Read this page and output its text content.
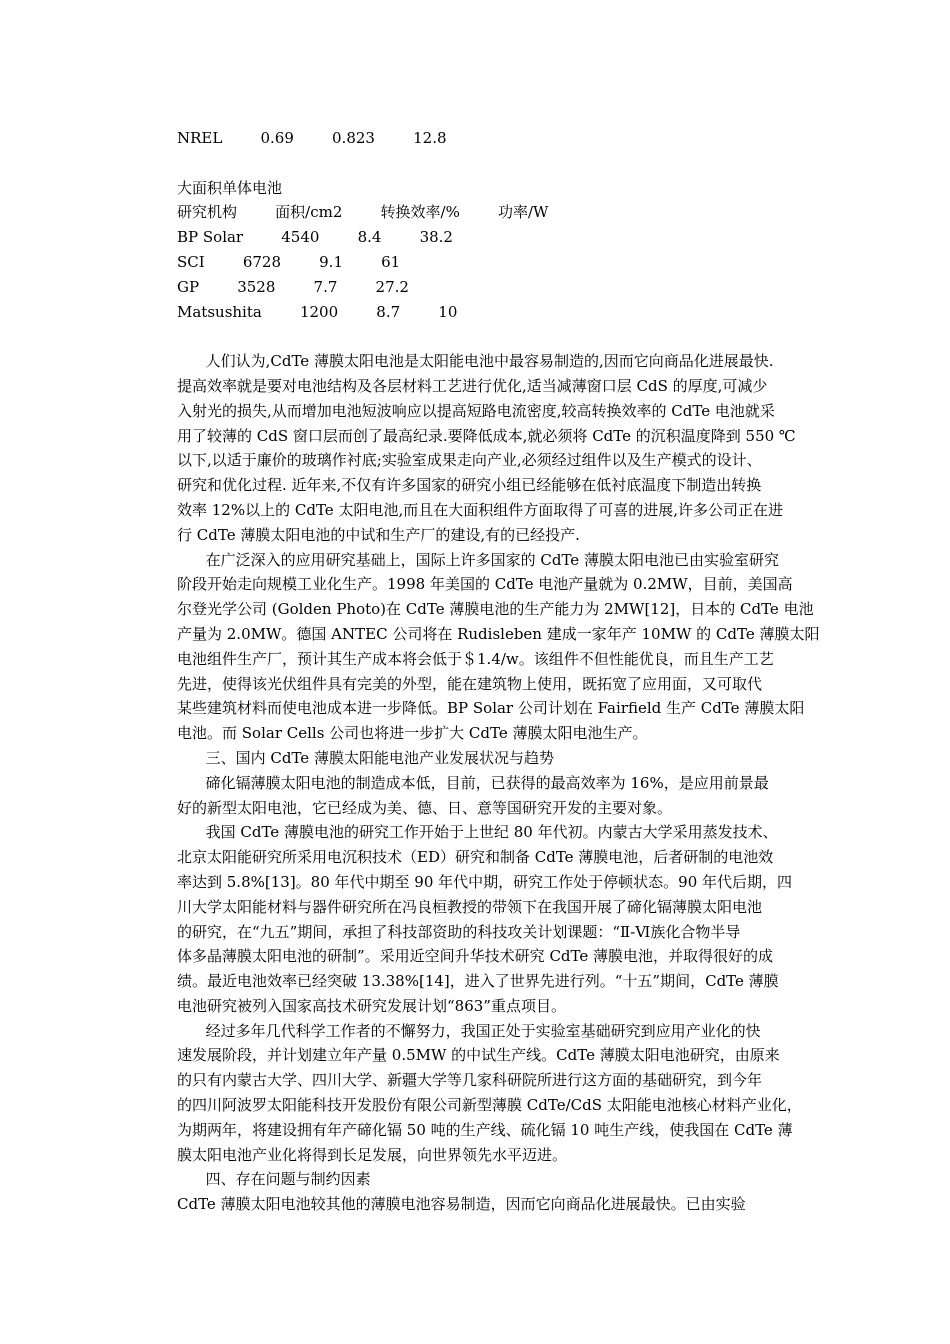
NREL        0.69        0.823        12.8
大面积单体电池
研究机构        面积/cm2        转换效率/%        功率/W
BP Solar        4540        8.4        38.2
SCI        6728        9.1        61
GP        3528        7.7        27.2
Matsushita        1200        8.7        10
人们认为,CdTe 薄膜太阳电池是太阳能电池中最容易制造的,因而它向商品化进展最快.
提高效率就是要对电池结构及各层材料工艺进行优化,适当减薄窗口层 CdS 的厚度,可减少
入射光的损失,从而增加电池短波响应以提高短路电流密度,较高转换效率的 CdTe 电池就采
用了较薄的 CdS 窗口层而创了最高纪录.要降低成本,就必须将 CdTe 的沉积温度降到 550 ℃
以下,以适于廉价的玻璃作衬底;实验室成果走向产业,必须经过组件以及生产模式的设计、
研究和优化过程. 近年来,不仅有许多国家的研究小组已经能够在低衬底温度下制造出转换
效率 12%以上的 CdTe 太阳电池,而且在大面积组件方面取得了可喜的进展,许多公司正在进
行 CdTe 薄膜太阳电池的中试和生产厂的建设,有的已经投产.
在广泛深入的应用研究基础上，国际上许多国家的 CdTe 薄膜太阳电池已由实验室研究
阶段开始走向规模工业化生产。1998 年美国的 CdTe 电池产量就为 0.2MW，目前，美国高
尔登光学公司 (Golden Photo)在 CdTe 薄膜电池的生产能力为 2MW[12]，日本的 CdTe 电池
产量为 2.0MW。德国 ANTEC 公司将在 Rudisleben 建成一家年产 10MW 的 CdTe 薄膜太阳
电池组件生产厂，预计其生产成本将会低于＄1.4/w。该组件不但性能优良，而且生产工艺
先进，使得该光伏组件具有完美的外型，能在建筑物上使用，既拓宽了应用面，又可取代
某些建筑材料而使电池成本进一步降低。BP Solar 公司计划在 Fairfield 生产 CdTe 薄膜太阳
电池。而 Solar Cells 公司也将进一步扩大 CdTe 薄膜太阳电池生产。
三、国内 CdTe 薄膜太阳能电池产业发展状况与趋势
碲化镉薄膜太阳电池的制造成本低，目前，已获得的最高效率为 16%，是应用前景最
好的新型太阳电池，它已经成为美、德、日、意等国研究开发的主要对象。
我国 CdTe 薄膜电池的研究工作开始于上世纪 80 年代初。内蒙古大学采用蒸发技术、
北京太阳能研究所采用电沉积技术（ED）研究和制备 CdTe 薄膜电池，后者研制的电池效
率达到 5.8%[13]。80 年代中期至 90 年代中期，研究工作处于停顿状态。90 年代后期，四
川大学太阳能材料与器件研究所在冯良桓教授的带领下在我国开展了碲化镉薄膜太阳电池
的研究，在“九五”期间，承担了科技部资助的科技攻关计划课题：“Ⅱ-Ⅵ族化合物半导
体多晶薄膜太阳电池的研制”。采用近空间升华技术研究 CdTe 薄膜电池，并取得很好的成
绩。最近电池效率已经突破 13.38%[14]，进入了世界先进行列。“十五”期间，CdTe 薄膜
电池研究被列入国家高技术研究发展计划“863”重点项目。
经过多年几代科学工作者的不懈努力，我国正处于实验室基础研究到应用产业化的快
速发展阶段，并计划建立年产量 0.5MW 的中试生产线。CdTe 薄膜太阳电池研究，由原来
的只有内蒙古大学、四川大学、新疆大学等几家科研院所进行这方面的基础研究，到今年
的四川阿波罗太阳能科技开发股份有限公司新型薄膜 CdTe/CdS 太阳能电池核心材料产业化，
为期两年，将建设拥有年产碲化镉 50 吨的生产线、硫化镉 10 吨生产线，使我国在 CdTe 薄
膜太阳电池产业化将得到长足发展，向世界领先水平迈进。
四、存在问题与制约因素
CdTe 薄膜太阳电池较其他的薄膜电池容易制造，因而它向商品化进展最快。已由实验
